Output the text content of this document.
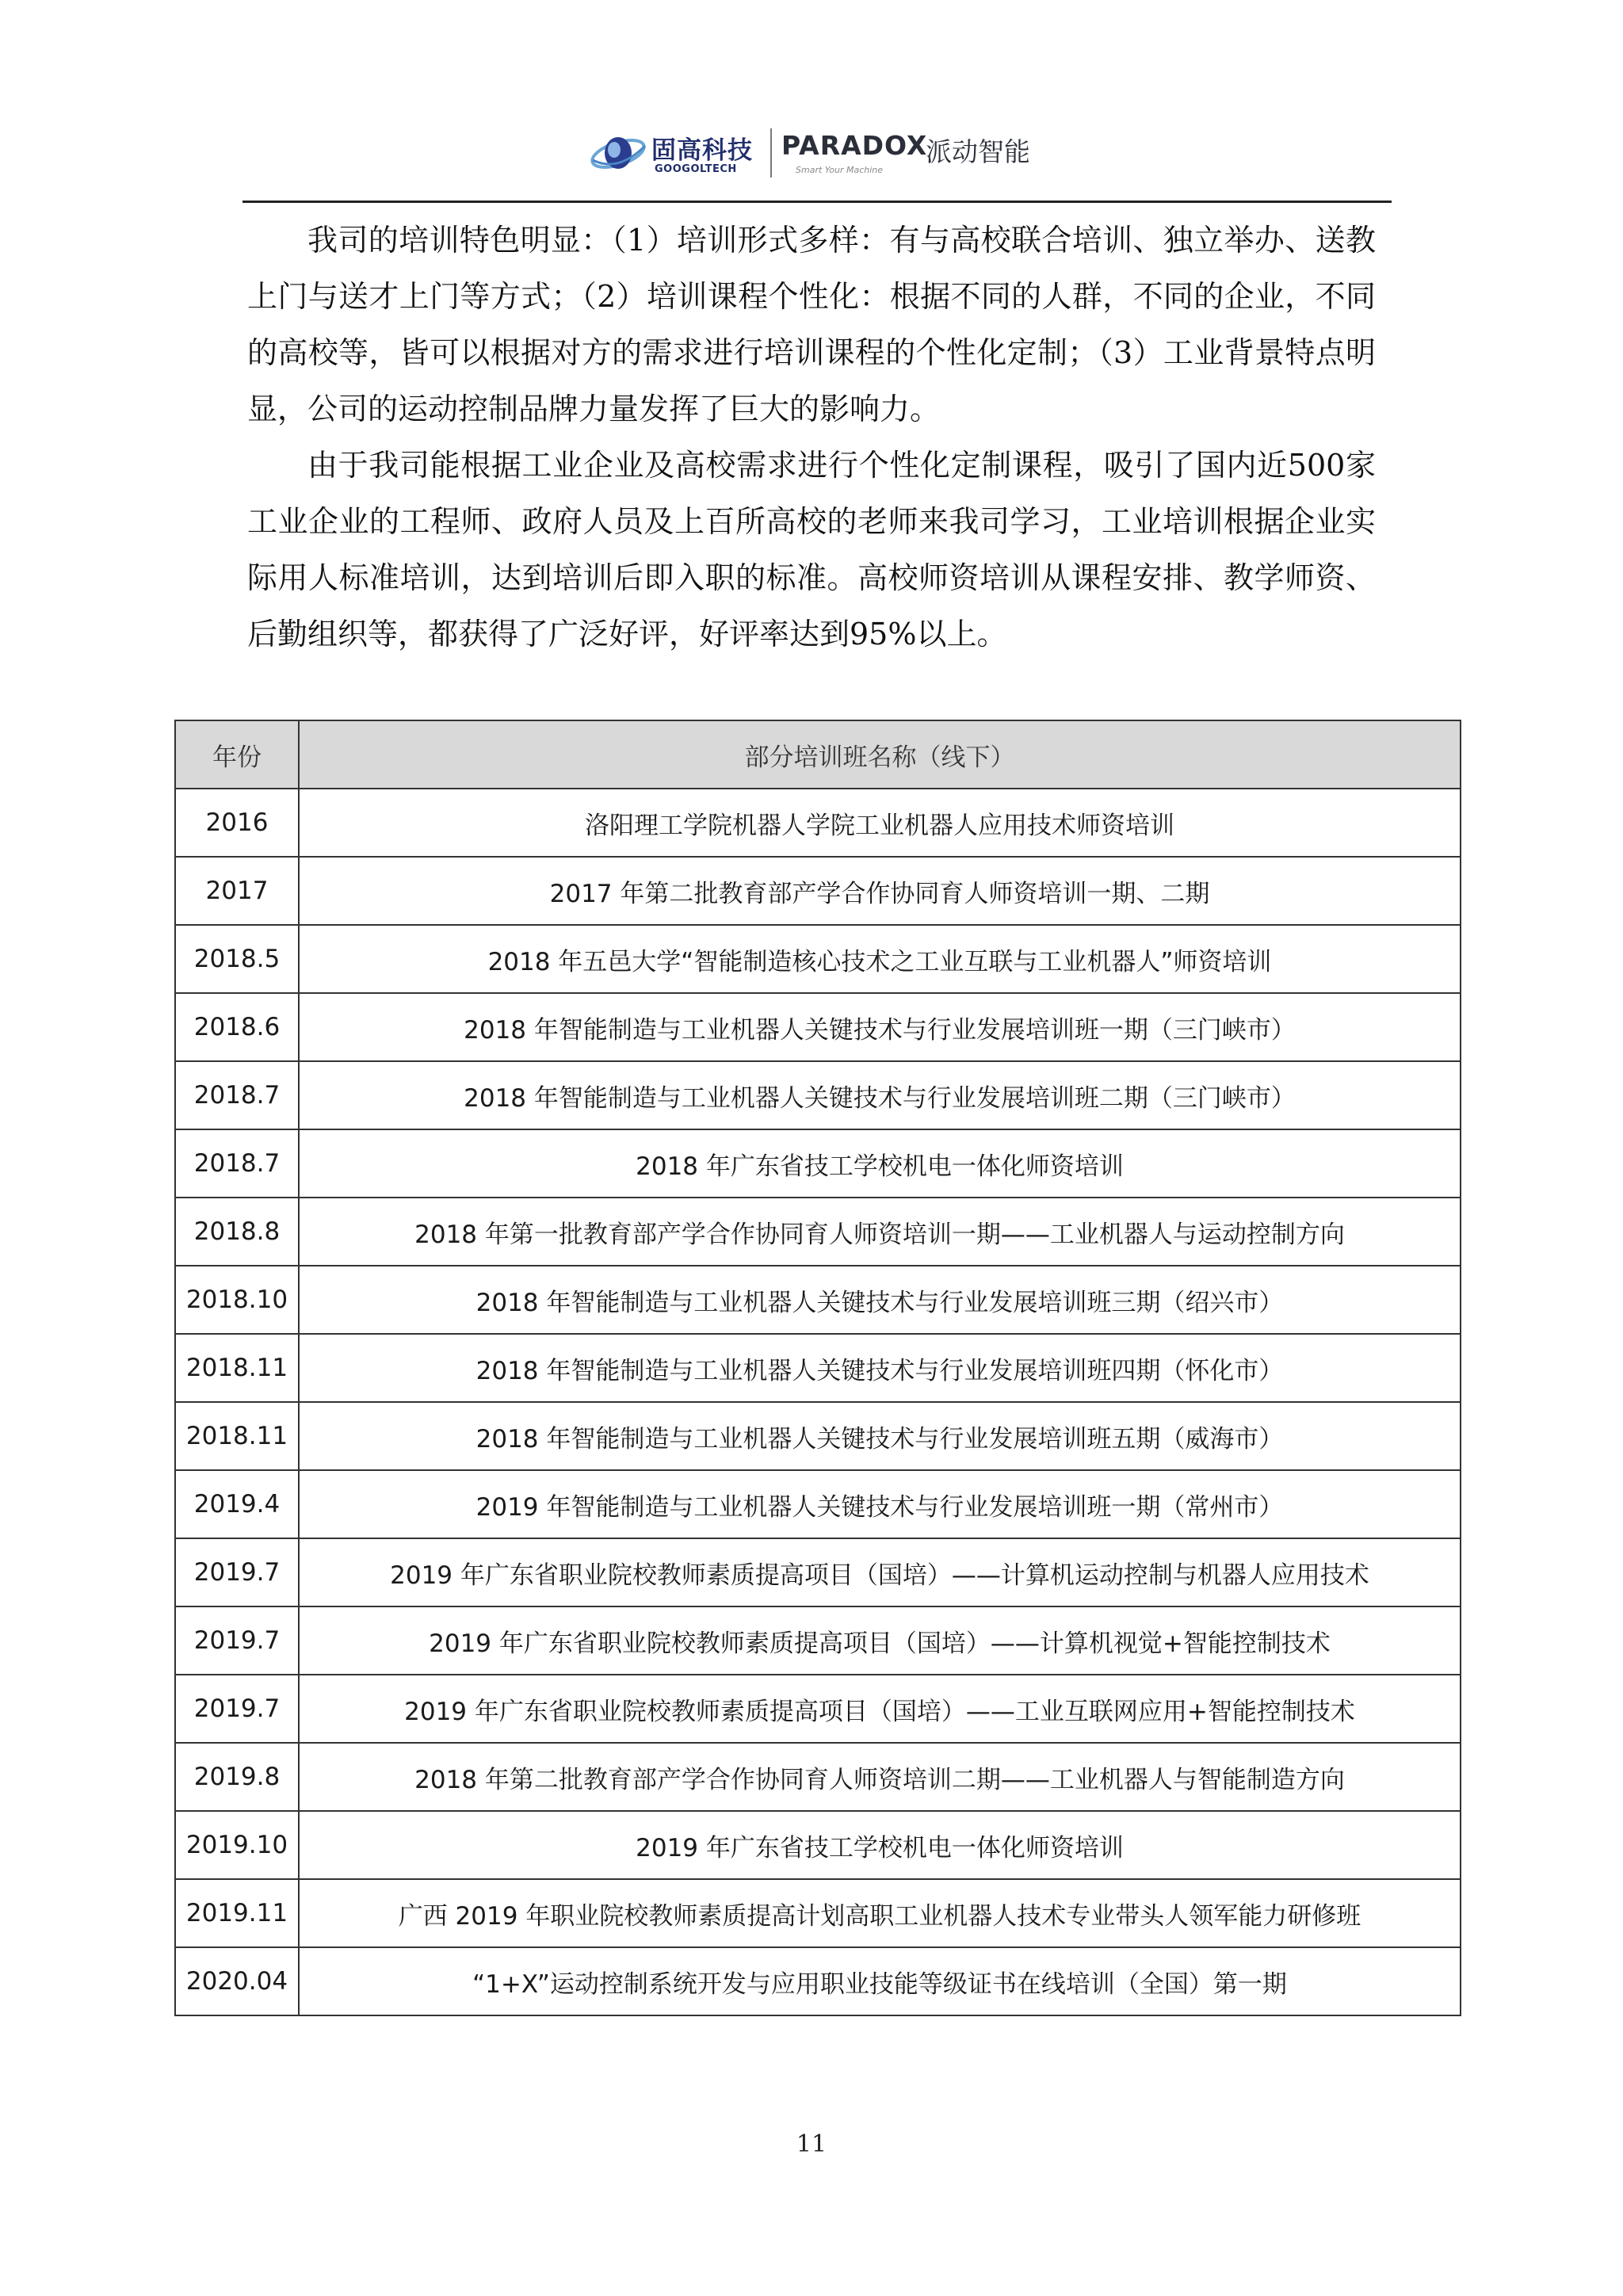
固高科技
GOOGOLTECH
PARADOX
Smart Your Machine
派动智能

我司的培训特色明显：（1）培训形式多样：有与高校联合培训、独立举办、送教上门与送才上门等方式；（2）培训课程个性化：根据不同的人群，不同的企业，不同的高校等，皆可以根据对方的需求进行培训课程的个性化定制；（3）工业背景特点明显，公司的运动控制品牌力量发挥了巨大的影响力。

由于我司能根据工业企业及高校需求进行个性化定制课程，吸引了国内近500家工业企业的工程师、政府人员及上百所高校的老师来我司学习，工业培训根据企业实际用人标准培训，达到培训后即入职的标准。高校师资培训从课程安排、教学师资、后勤组织等，都获得了广泛好评，好评率达到95%以上。

年份	部分培训班名称（线下）
2016	洛阳理工学院机器人学院工业机器人应用技术师资培训
2017	2017 年第二批教育部产学合作协同育人师资培训一期、二期
2018.5	2018 年五邑大学“智能制造核心技术之工业互联与工业机器人”师资培训
2018.6	2018 年智能制造与工业机器人关键技术与行业发展培训班一期（三门峡市）
2018.7	2018 年智能制造与工业机器人关键技术与行业发展培训班二期（三门峡市）
2018.7	2018 年广东省技工学校机电一体化师资培训
2018.8	2018 年第一批教育部产学合作协同育人师资培训一期——工业机器人与运动控制方向
2018.10	2018 年智能制造与工业机器人关键技术与行业发展培训班三期（绍兴市）
2018.11	2018 年智能制造与工业机器人关键技术与行业发展培训班四期（怀化市）
2018.11	2018 年智能制造与工业机器人关键技术与行业发展培训班五期（威海市）
2019.4	2019 年智能制造与工业机器人关键技术与行业发展培训班一期（常州市）
2019.7	2019 年广东省职业院校教师素质提高项目（国培）——计算机运动控制与机器人应用技术
2019.7	2019 年广东省职业院校教师素质提高项目（国培）——计算机视觉+智能控制技术
2019.7	2019 年广东省职业院校教师素质提高项目（国培）——工业互联网应用+智能控制技术
2019.8	2018 年第二批教育部产学合作协同育人师资培训二期——工业机器人与智能制造方向
2019.10	2019 年广东省技工学校机电一体化师资培训
2019.11	广西 2019 年职业院校教师素质提高计划高职工业机器人技术专业带头人领军能力研修班
2020.04	“1+X”运动控制系统开发与应用职业技能等级证书在线培训（全国）第一期
11
